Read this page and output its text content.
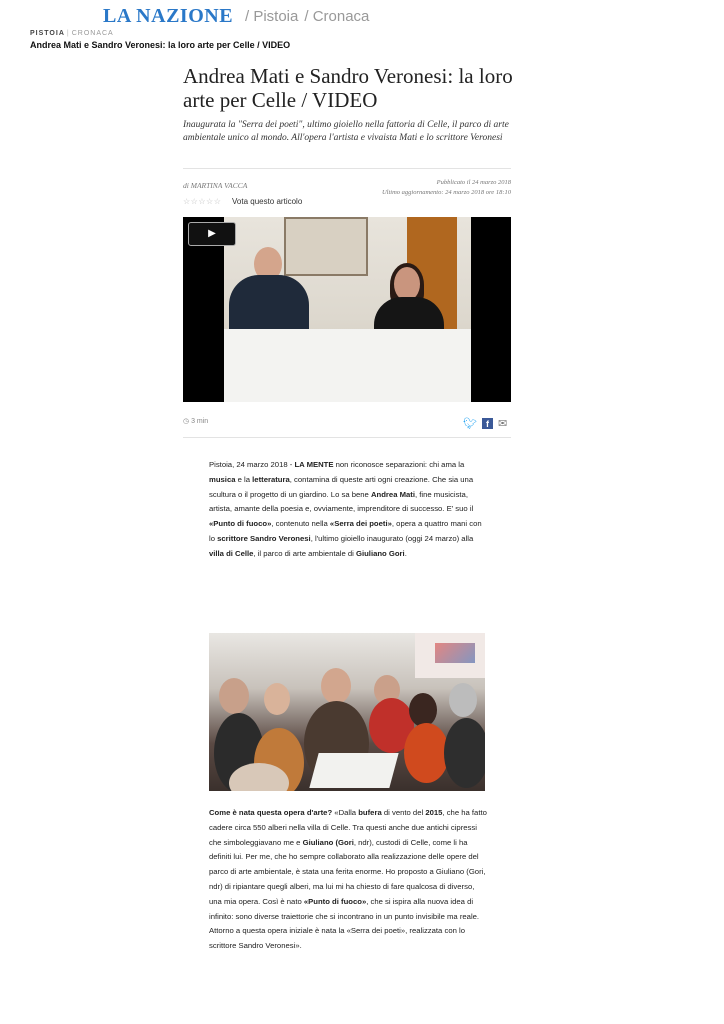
LA NAZIONE / Pistoia / Cronaca
PISTOIA | CRONACA
Andrea Mati e Sandro Veronesi: la loro arte per Celle / VIDEO
Andrea Mati e Sandro Veronesi: la loro arte per Celle / VIDEO
Inaugurata la "Serra dei poeti", ultimo gioiello nella fattoria di Celle, il parco di arte ambientale unico al mondo. All'opera l'artista e vivaista Mati e lo scrittore Veronesi
di MARTINA VACCA	Pubblicato il 24 marzo 2018
Ultimo aggiornamento: 24 marzo 2018 ore 18:10
☆☆☆☆☆ Vota questo articolo
▶
◷ 3 min	🐦︎ f ✉
Pistoia, 24 marzo 2018 - LA MENTE non riconosce separazioni: chi ama la musica e la letteratura, contamina di queste arti ogni creazione. Che sia una scultura o il progetto di un giardino. Lo sa bene Andrea Mati, fine musicista, artista, amante della poesia e, ovviamente, imprenditore di successo. E' suo il «Punto di fuoco», contenuto nella «Serra dei poeti», opera a quattro mani con lo scrittore Sandro Veronesi, l'ultimo gioiello inaugurato (oggi 24 marzo) alla villa di Celle, il parco di arte ambientale di Giuliano Gori.
Come è nata questa opera d'arte? «Dalla bufera di vento del 2015, che ha fatto cadere circa 550 alberi nella villa di Celle. Tra questi anche due antichi cipressi che simboleggiavano me e Giuliano (Gori, ndr), custodi di Celle, come li ha definiti lui. Per me, che ho sempre collaborato alla realizzazione delle opere del parco di arte ambientale, è stata una ferita enorme. Ho proposto a Giuliano (Gori, ndr) di ripiantare quegli alberi, ma lui mi ha chiesto di fare qualcosa di diverso, una mia opera. Così è nato «Punto di fuoco», che si ispira alla nuova idea di infinito: sono diverse traiettorie che si incontrano in un punto invisibile ma reale. Attorno a questa opera iniziale è nata la «Serra dei poeti», realizzata con lo scrittore Sandro Veronesi».
